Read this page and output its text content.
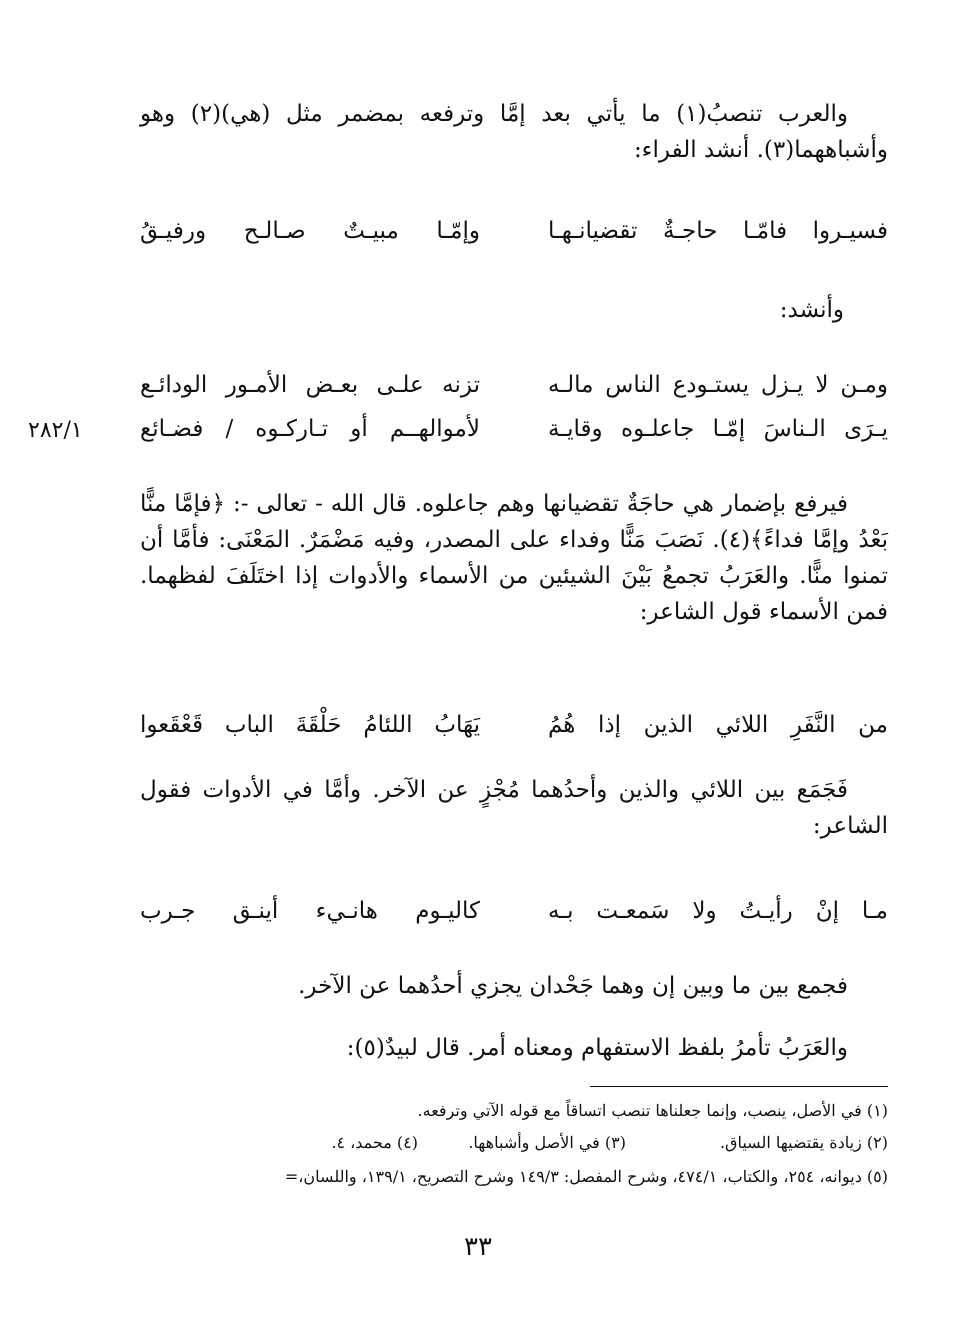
والعرب تنصبُ(١) ما يأتي بعد إمَّا وترفعه بمضمر مثل (هي)(٢) وهو وأشباههما(٣). أنشد الفراء:
فسيـروا فامّـا حاجـةٌ تقضيانـهـا
وإمّـا مبيـتٌ صـالـح ورفيـقُ
وأنشد:
ومـن لا يـزل يستـودع الناس مالـه
تزنه علـى بعـض الأمـور الودائـع
يـرَى الـناسَ إمّـا جاعلـوه وقايـة
لأموالهــم أو تـاركـوه / فضـائع
٢٨٢/١
فيرفع بإضمار هي حاجَةٌ تقضيانها وهم جاعلوه. قال الله - تعالى -: ﴿فإمَّا منًّا بَعْدُ وإمَّا فداءً﴾(٤). نَصَبَ مَنًّا وفداء على المصدر، وفيه مَضْمَرٌ. المَعْنَى: فأمَّا أن تمنوا منًّا. والعَرَبُ تجمعُ بَيْنَ الشيئين من الأسماء والأدوات إذا اختَلَفَ لفظهما. فمن الأسماء قول الشاعر:
من النَّفَرِ اللائي الذين إذا هُمُ
يَهَابُ اللئامُ حَلْقَةَ الباب قَعْقَعوا
فَجَمَع بين اللائي والذين وأحدُهما مُجْزٍ عن الآخر. وأمَّا في الأدوات فقول الشاعر:
مـا إنْ رأيـتُ ولا سَمعـت بـه
كاليـوم هانـيء أينـق جـرب
فجمع بين ما وبين إن وهما جَحْدان يجزي أحدُهما عن الآخر.
والعَرَبُ تأمرُ بلفظ الاستفهام ومعناه أمر. قال لبيدٌ(٥):
(١) في الأصل، ينصب، وإنما جعلناها تنصب اتساقاً مع قوله الآتي وترفعه.
(٢) زيادة يقتضيها السياق.
(٣) في الأصل وأشباهها.
(٤) محمد، ٤.
(٥) ديوانه، ٢٥٤، والكتاب، ٤٧٤/١، وشرح المفصل: ١٤٩/٣ وشرح التصريح، ١٣٩/١، واللسان،=
٣٣
